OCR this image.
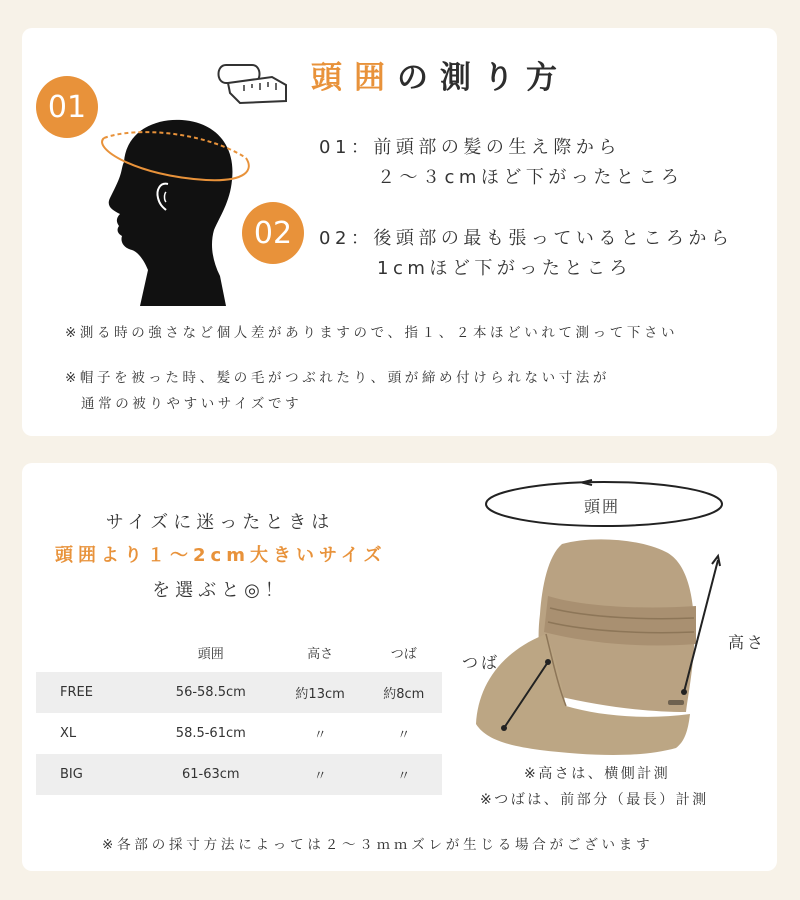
頭囲の測り方
01
02
01：前頭部の髪の生え際から
２～３cmほど下がったところ
02：後頭部の最も張っているところから
1cmほど下がったところ
※測る時の強さなど個人差がありますので、指１、２本ほどいれて測って下さい
※帽子を被った時、髪の毛がつぶれたり、頭が締め付けられない寸法が
通常の被りやすいサイズです
サイズに迷ったときは
頭囲より１～2cm大きいサイズ
を選ぶと◎！
	頭囲	高さ	つば
FREE	56-58.5cm	約13cm	約8cm
XL	58.5-61cm	〃	〃
BIG	61-63cm	〃	〃
頭囲
高さ
つば
※高さは、横側計測
※つばは、前部分（最長）計測
※各部の採寸方法によっては２～３ｍｍズレが生じる場合がございます
